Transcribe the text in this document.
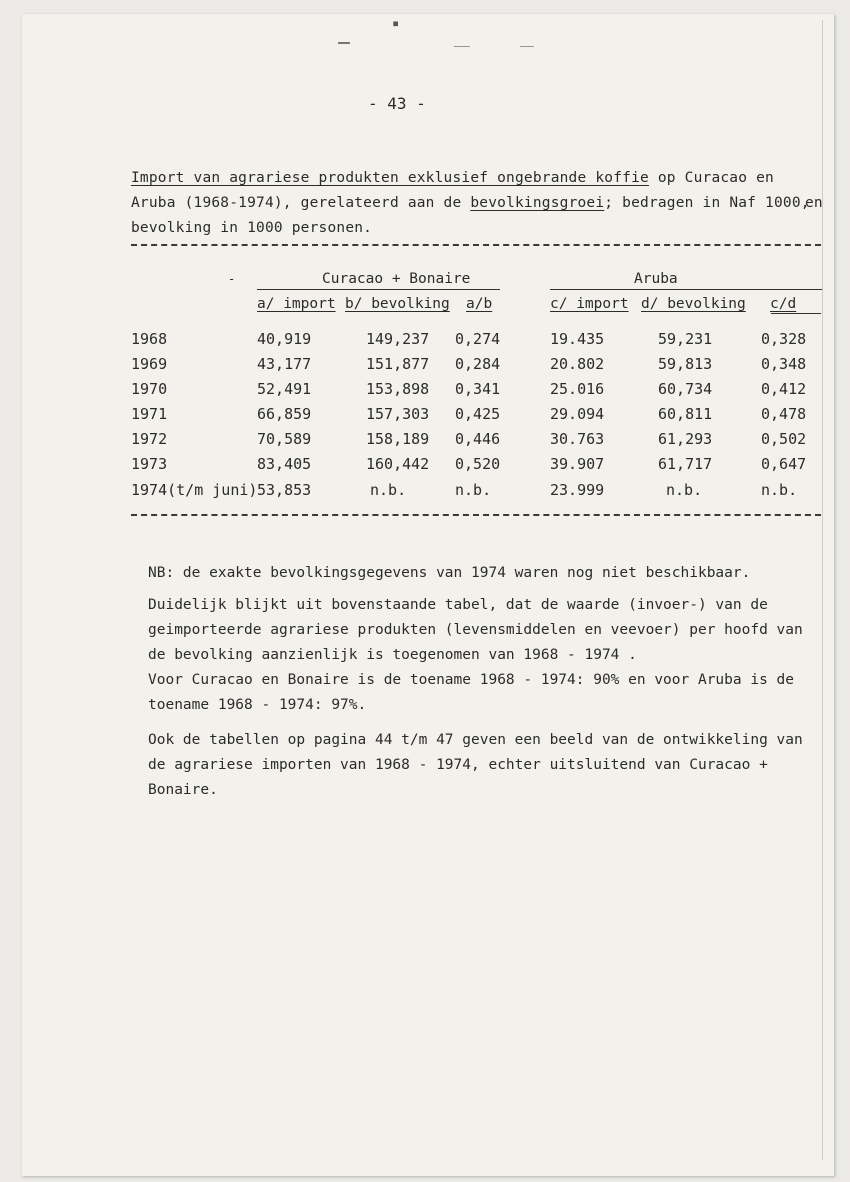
▪
- 43 -
Import van agrariese produkten exklusief ongebrande koffie op Curacao en
Aruba (1968-1974), gerelateerd aan de bevolkingsgroei; bedragen in Naf 1000,
en
bevolking in 1000 personen.
Curacao + Bonaire	Aruba
-
a/ import b/ bevolking a/b	c/ import d/ bevolking c/d
1968	40,919	149,237 0,274	19.435	59,231	0,328
1969	43,177	151,877 0,284	20.802	59,813	0,348
1970	52,491	153,898 0,341	25.016	60,734	0,412
1971	66,859	157,303 0,425	29.094	60,811	0,478
1972	70,589	158,189 0,446	30.763	61,293	0,502
1973	83,405	160,442 0,520	39.907	61,717	0,647
1974(t/m juni) 53,853	n.b.	n.b.	23.999	n.b.	n.b.
NB: de exakte bevolkingsgegevens van 1974 waren nog niet beschikbaar.
Duidelijk blijkt uit bovenstaande tabel, dat de waarde (invoer-) van de
geimporteerde agrariese produkten (levensmiddelen en veevoer) per hoofd van
de bevolking aanzienlijk is toegenomen van 1968 - 1974 .
Voor Curacao en Bonaire is de toename 1968 - 1974: 90% en voor Aruba is de
toename 1968 - 1974: 97%.
Ook de tabellen op pagina 44 t/m 47 geven een beeld van de ontwikkeling van
de agrariese importen van 1968 - 1974, echter uitsluitend van Curacao +
Bonaire.
